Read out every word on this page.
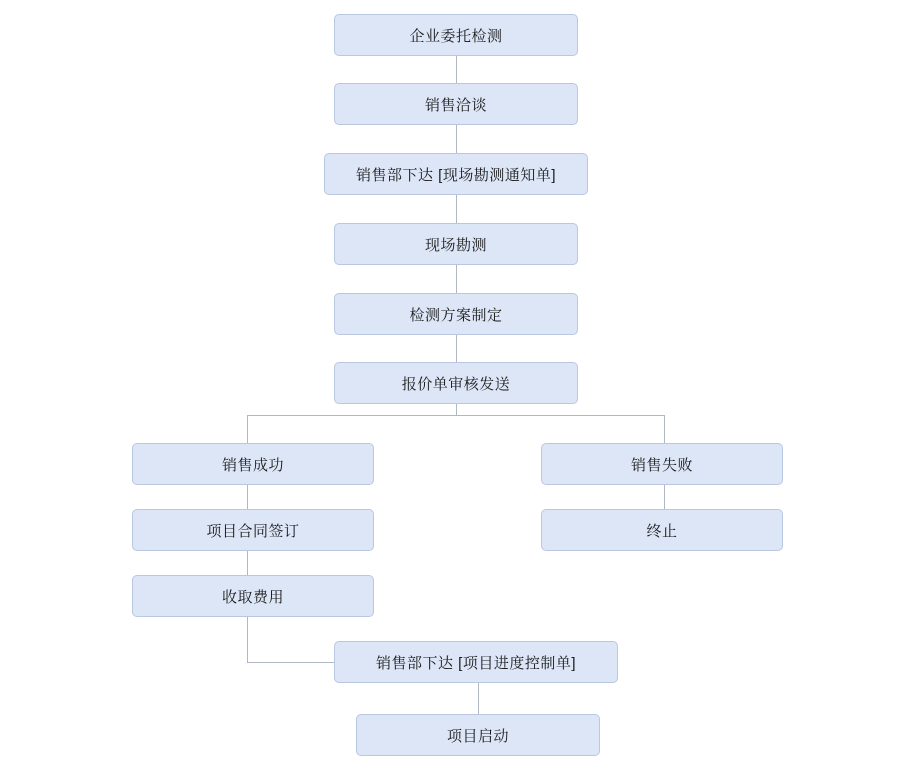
企业委托检测
销售洽谈
销售部下达 [现场勘测通知单]
现场勘测
检测方案制定
报价单审核发送
销售成功	销售失败
项目合同签订	终止
收取费用
销售部下达 [项目进度控制单]
项目启动
